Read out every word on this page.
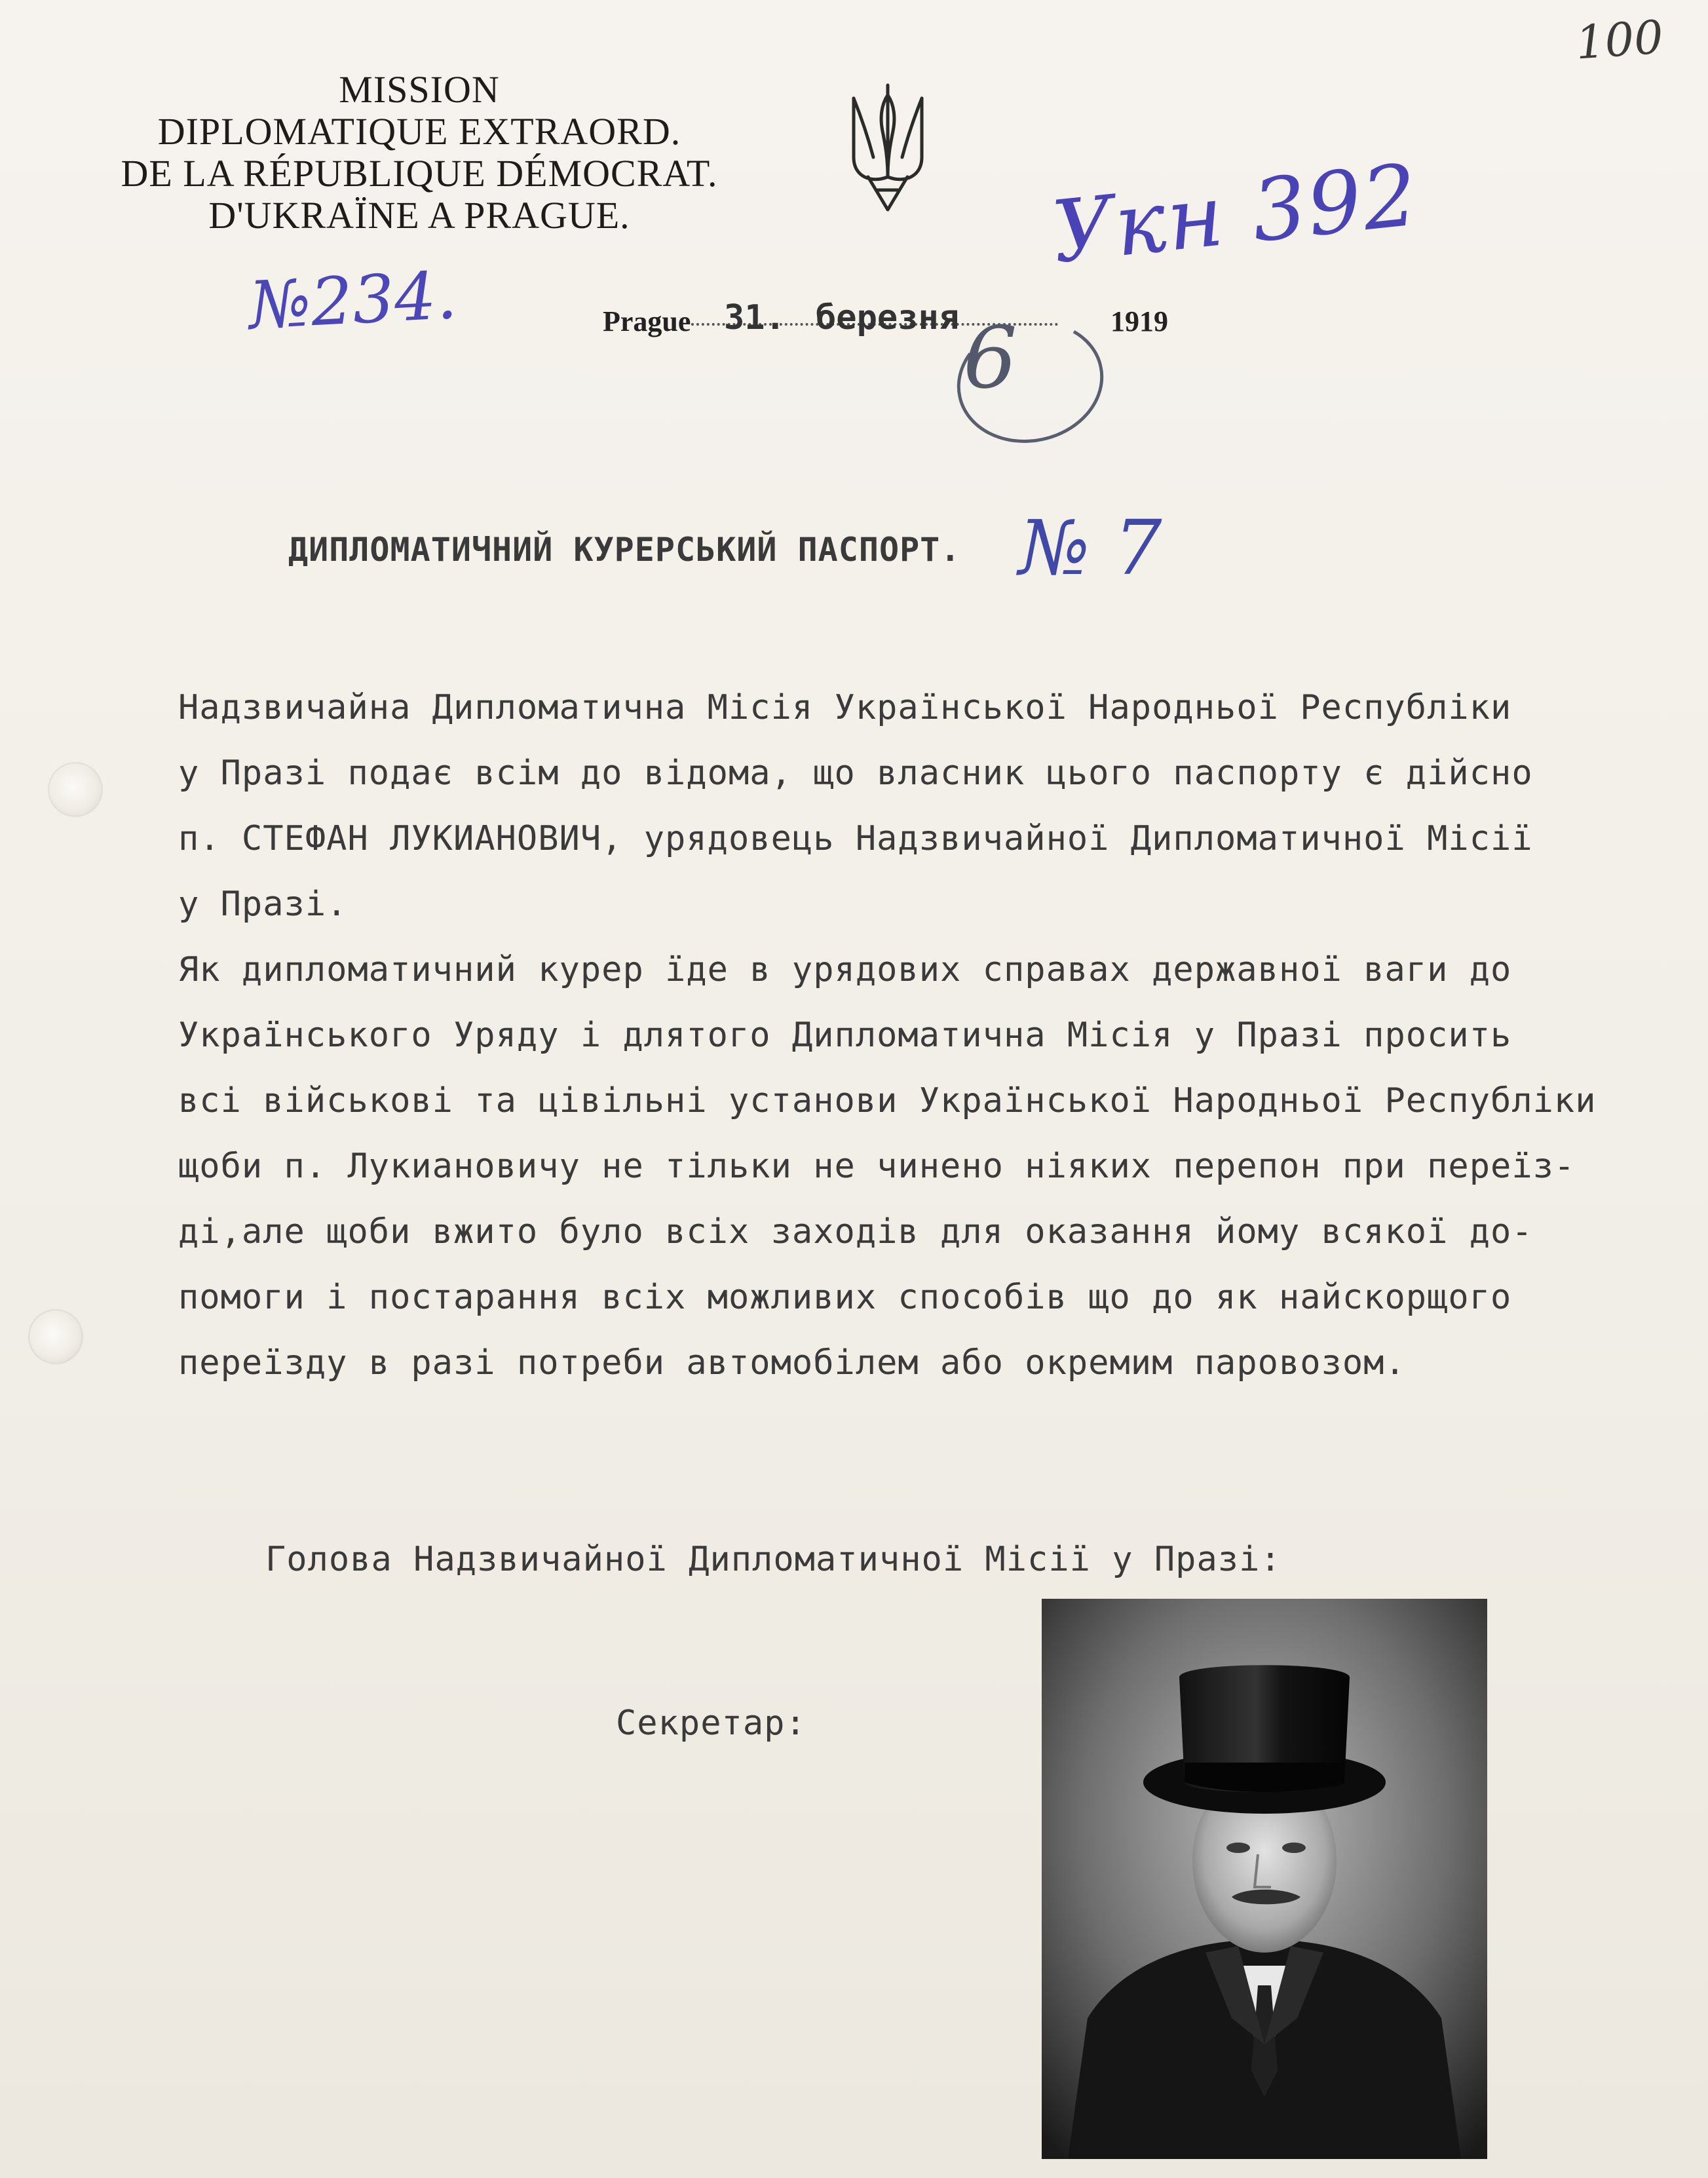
MISSION
DIPLOMATIQUE EXTRAORD.
DE LA RÉPUBLIQUE DÉMOCRAT.
D'UKRAÏNE A PRAGUE.
100
Укн 392
№234.	Prague 31. березня	1919
6
ДИПЛОМАТИЧНИЙ КУРЕРСЬКИЙ ПАСПОРТ. № 7
Надзвичайна Дипломатична Місія Української Народньої Республіки
у Празі подає всім до відома, що власник цього паспорту є дійсно
п. СТЕФАН ЛУКИАНОВИЧ, урядовець Надзвичайної Дипломатичної Місії
у Празі.
Як дипломатичний курер їде в урядових справах державної ваги до
Українського Уряду і длятого Дипломатична Місія у Празі просить
всі військові та цівільні установи Української Народньої Республіки
щоби п. Лукиановичу не тільки не чинено ніяких перепон при переїз-
ді,але щоби вжито було всіх заходів для оказання йому всякої до-
помоги і постарання всіх можливих способів що до як найскорщого
переїзду в разі потреби автомобілем або окремим паровозом.
Голова Надзвичайної Дипломатичної Місії у Празі:
Секретар:
